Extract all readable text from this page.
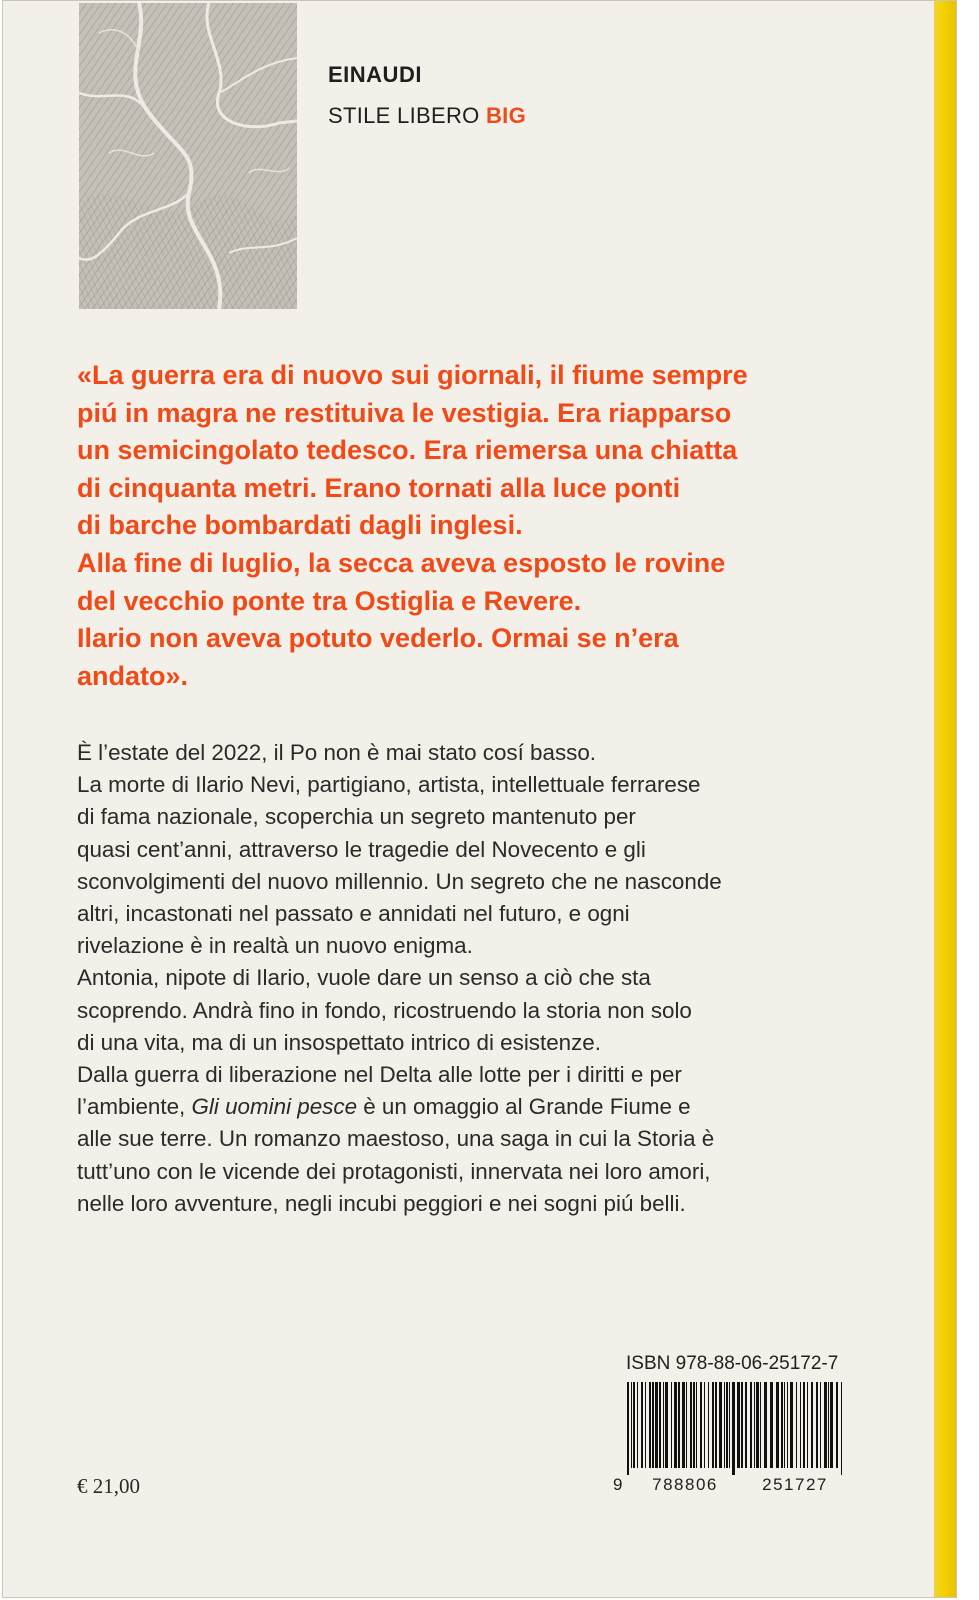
EINAUDI
STILE LIBERO BIG
«La guerra era di nuovo sui giornali, il fiume sempre
piú in magra ne restituiva le vestigia. Era riapparso
un semicingolato tedesco. Era riemersa una chiatta
di cinquanta metri. Erano tornati alla luce ponti
di barche bombardati dagli inglesi.
Alla fine di luglio, la secca aveva esposto le rovine
del vecchio ponte tra Ostiglia e Revere.
Ilario non aveva potuto vederlo. Ormai se n’era
andato».
È l’estate del 2022, il Po non è mai stato cosí basso.
La morte di Ilario Nevi, partigiano, artista, intellettuale ferrarese
di fama nazionale, scoperchia un segreto mantenuto per
quasi cent’anni, attraverso le tragedie del Novecento e gli
sconvolgimenti del nuovo millennio. Un segreto che ne nasconde
altri, incastonati nel passato e annidati nel futuro, e ogni
rivelazione è in realtà un nuovo enigma.
Antonia, nipote di Ilario, vuole dare un senso a ciò che sta
scoprendo. Andrà fino in fondo, ricostruendo la storia non solo
di una vita, ma di un insospettato intrico di esistenze.
Dalla guerra di liberazione nel Delta alle lotte per i diritti e per
l’ambiente, Gli uomini pesce è un omaggio al Grande Fiume e
alle sue terre. Un romanzo maestoso, una saga in cui la Storia è
tutt’uno con le vicende dei protagonisti, innervata nei loro amori,
nelle loro avventure, negli incubi peggiori e nei sogni piú belli.
ISBN 978-88-06-25172-7
9	788806	251727
€ 21,00
